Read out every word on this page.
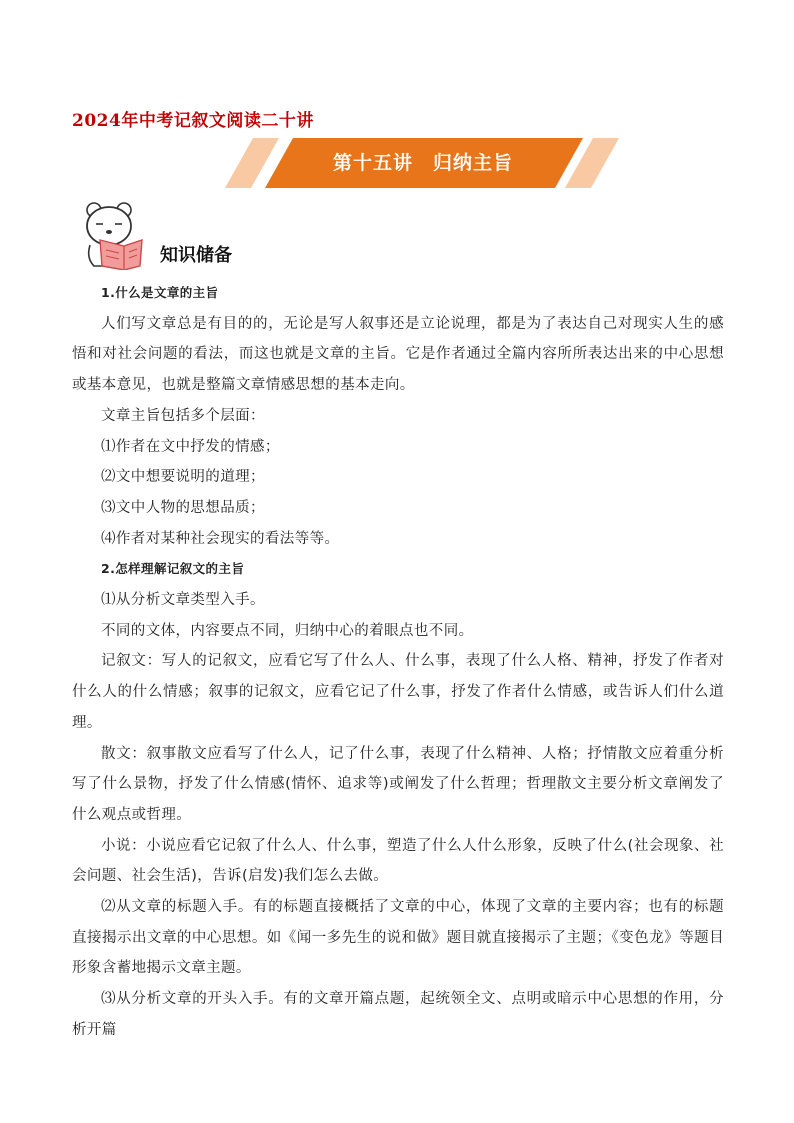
2024年中考记叙文阅读二十讲
第十五讲　归纳主旨
知识储备

1.什么是文章的主旨

人们写文章总是有目的的，无论是写人叙事还是立论说理，都是为了表达自己对现实人生的感悟和对社会问题的看法，而这也就是文章的主旨。它是作者通过全篇内容所所表达出来的中心思想或基本意见，也就是整篇文章情感思想的基本走向。

文章主旨包括多个层面：

⑴作者在文中抒发的情感；

⑵文中想要说明的道理；

⑶文中人物的思想品质；

⑷作者对某种社会现实的看法等等。

2.怎样理解记叙文的主旨

⑴从分析文章类型入手。

不同的文体，内容要点不同，归纳中心的着眼点也不同。

记叙文：写人的记叙文，应看它写了什么人、什么事，表现了什么人格、精神，抒发了作者对什么人的什么情感；叙事的记叙文，应看它记了什么事，抒发了作者什么情感，或告诉人们什么道理。

散文：叙事散文应看写了什么人，记了什么事，表现了什么精神、人格；抒情散文应着重分析写了什么景物，抒发了什么情感(情怀、追求等)或阐发了什么哲理；哲理散文主要分析文章阐发了什么观点或哲理。

小说：小说应看它记叙了什么人、什么事，塑造了什么人什么形象，反映了什么(社会现象、社会问题、社会生活)，告诉(启发)我们怎么去做。

⑵从文章的标题入手。有的标题直接概括了文章的中心，体现了文章的主要内容；也有的标题直接揭示出文章的中心思想。如《闻一多先生的说和做》题目就直接揭示了主题；《变色龙》等题目形象含蓄地揭示文章主题。

⑶从分析文章的开头入手。有的文章开篇点题，起统领全文、点明或暗示中心思想的作用，分析开篇
